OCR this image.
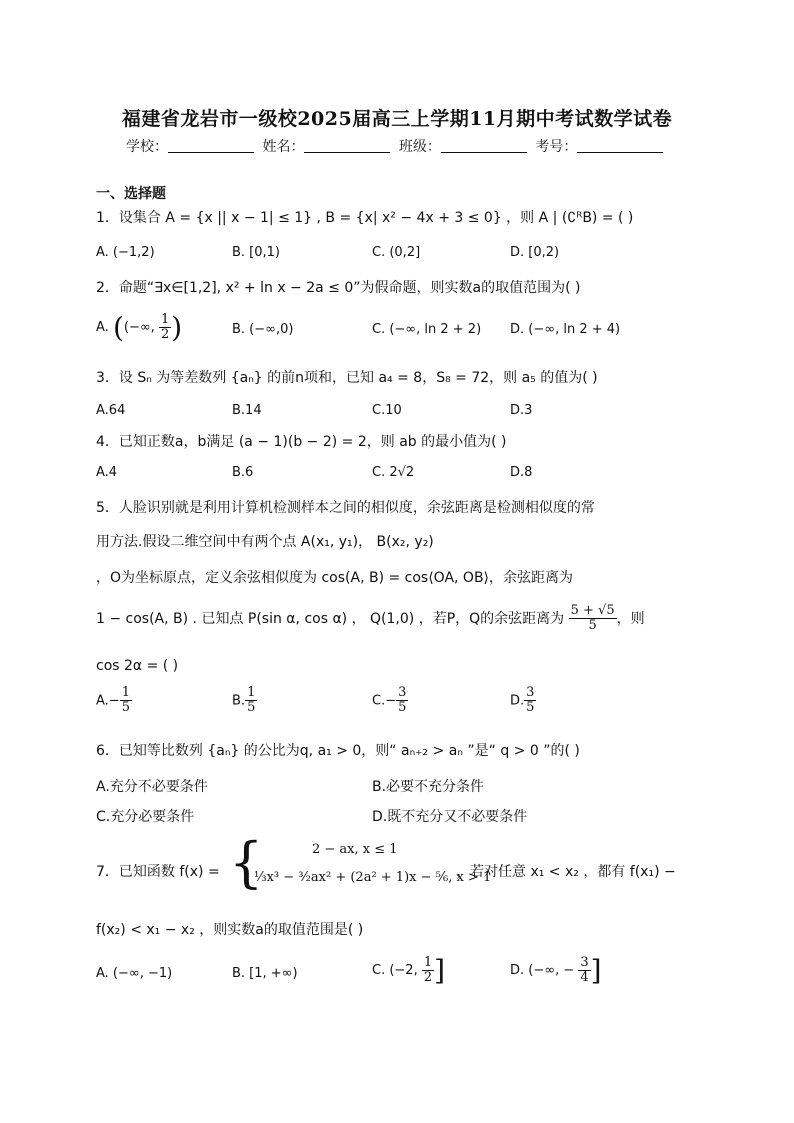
福建省龙岩市一级校2025届高三上学期11月期中考试数学试卷
学校：	姓名：	班级：	考号：
一、选择题
1．设集合 A = {x || x − 1| ≤ 1} , B = {x| x² − 4x + 3 ≤ 0} ，则 A | (∁ᴿB) = ( )
A. (−1,2)	B. [0,1)	C. (0,2]	D. [0,2)
2．命题“∃x∈[1,2], x² + ln x − 2a ≤ 0”为假命题，则实数a的取值范围为( )
A. ((−∞, $\frac{1}{2}$ )	B. (−∞,0)	C. (−∞, ln 2 + 2) D. (−∞, ln 2 + 4)
3．设 Sₙ 为等差数列 {aₙ} 的前n项和，已知 a₄ = 8，S₈ = 72，则 a₅ 的值为( )
A.64	B.14	C.10	D.3
4．已知正数a，b满足 (a − 1)(b − 2) = 2，则 ab 的最小值为( )
A.4	B.6	C. 2√2	D.8
5．人脸识别就是利用计算机检测样本之间的相似度，余弦距离是检测相似度的常
用方法.假设二维空间中有两个点 A(x₁, y₁)， B(x₂, y₂)
，O为坐标原点，定义余弦相似度为 cos(A, B) = cos⟨OA, OB⟩，余弦距离为
1 − cos(A, B) . 已知点 P(sin α, cos α) ， Q(1,0) ，若P，Q的余弦距离为 $\frac{5 + √5}{5}$ ，则
cos 2α = ( )
$A.- \frac{1}{5}$	B. $\frac{1}{5}$	$C.- \frac{3}{5}$	D. $\frac{3}{5}$
6．已知等比数列 {aₙ} 的公比为q, a₁ > 0，则“ aₙ₊₂ > aₙ ”是“ q > 0 ”的( )
A.充分不必要条件	B.必要不充分条件
C.充分必要条件	D.既不充分又不必要条件
7．已知函数 f(x) = {	2 − ax, x ≤ 1
⅓x³ − ³⁄₂ax² + (2a² + 1)x − ⁵⁄₆, x > 1
，若对任意 x₁ < x₂ ，都有 f(x₁) −
f(x₂) < x₁ − x₂ ，则实数a的取值范围是( )
A. (−∞, −1)	B. [1, +∞)	C. (−2, $\frac{1}{2}$ ]	D. (−∞, − $\frac{3}{4}$ ]
